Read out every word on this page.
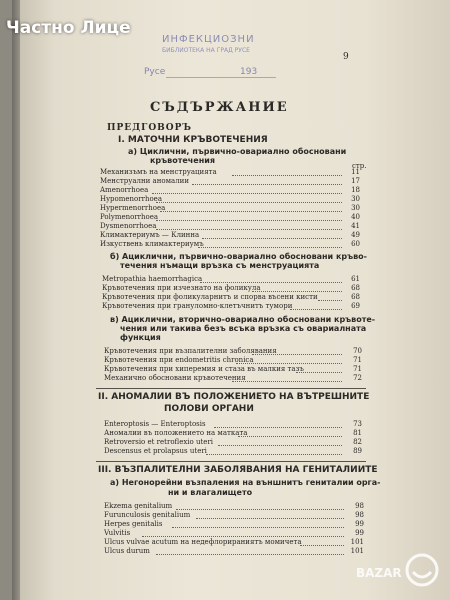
Частно Лице
ИНФЕКЦИОЗНИ
БИБЛИОТЕКА НА ГРАД РУСЕ
Русе	193
9
СЪДЪРЖАНИЕ
ПРЕДГОВОРЪ
I. МАТОЧНИ КРЪВОТЕЧЕНИЯ
а) Циклични, първично-овариално обосновани
кръвотечения
стр.
Механизъмъ на менструацията	11
Менструални аномалии	17
Amenorrhoea	18
Hypomenorrhoea	30
Hypermenorrhoea	30
Polymenorrhoea	40
Dysmenorrhoea	41
Климактериумъ — Клинна	49
Изкуствень климактериумъ	60
б) Ациклични, първично-овариално обосновани кръво-
течения нъмащи връзка съ менструацията
Metropathia haemorrhagica	61
Кръвотечения при изчезнато на фоликула	68
Кръвотечения при фоликуларнитъ и спорва въсени кисти	68
Кръвотечения при грануломно-клетъчнитъ тумори	69
в) Ациклични, вторично-овариално обосновани кръвоте-
чения или такива безъ всъка връзка съ овариалната
функция
Кръвотечения при възпалителни заболявания	70
Кръвотечения при endometritis chronica	71
Кръвотечения при хиперемия и стаза въ малкия тазъ	71
Механично обосновани кръвотечения	72
II. АНОМАЛИИ ВЪ ПОЛОЖЕНИЕТО НА ВЪТРЕШНИТЕ
ПОЛОВИ ОРГАНИ
Enteroptosis — Enteroptosis	73
Аномалии въ положението на матката	81
Retroversio et retroflexio uteri	82
Descensus et prolapsus uteri	89
III. ВЪЗПАЛИТЕЛНИ ЗАБОЛЯВАНИЯ НА ГЕНИТАЛИИТЕ
а) Негонорейни възпаления на външнитъ гениталии орга-
ни и влагалището
Ekzema genitalium	98
Furunculosis genitalium	98
Herpes genitalis	99
Vulvitis	99
Ulcus vulvae acutum на недефлорираниятъ момичета	101
Ulcus durum	101
BAZAR
